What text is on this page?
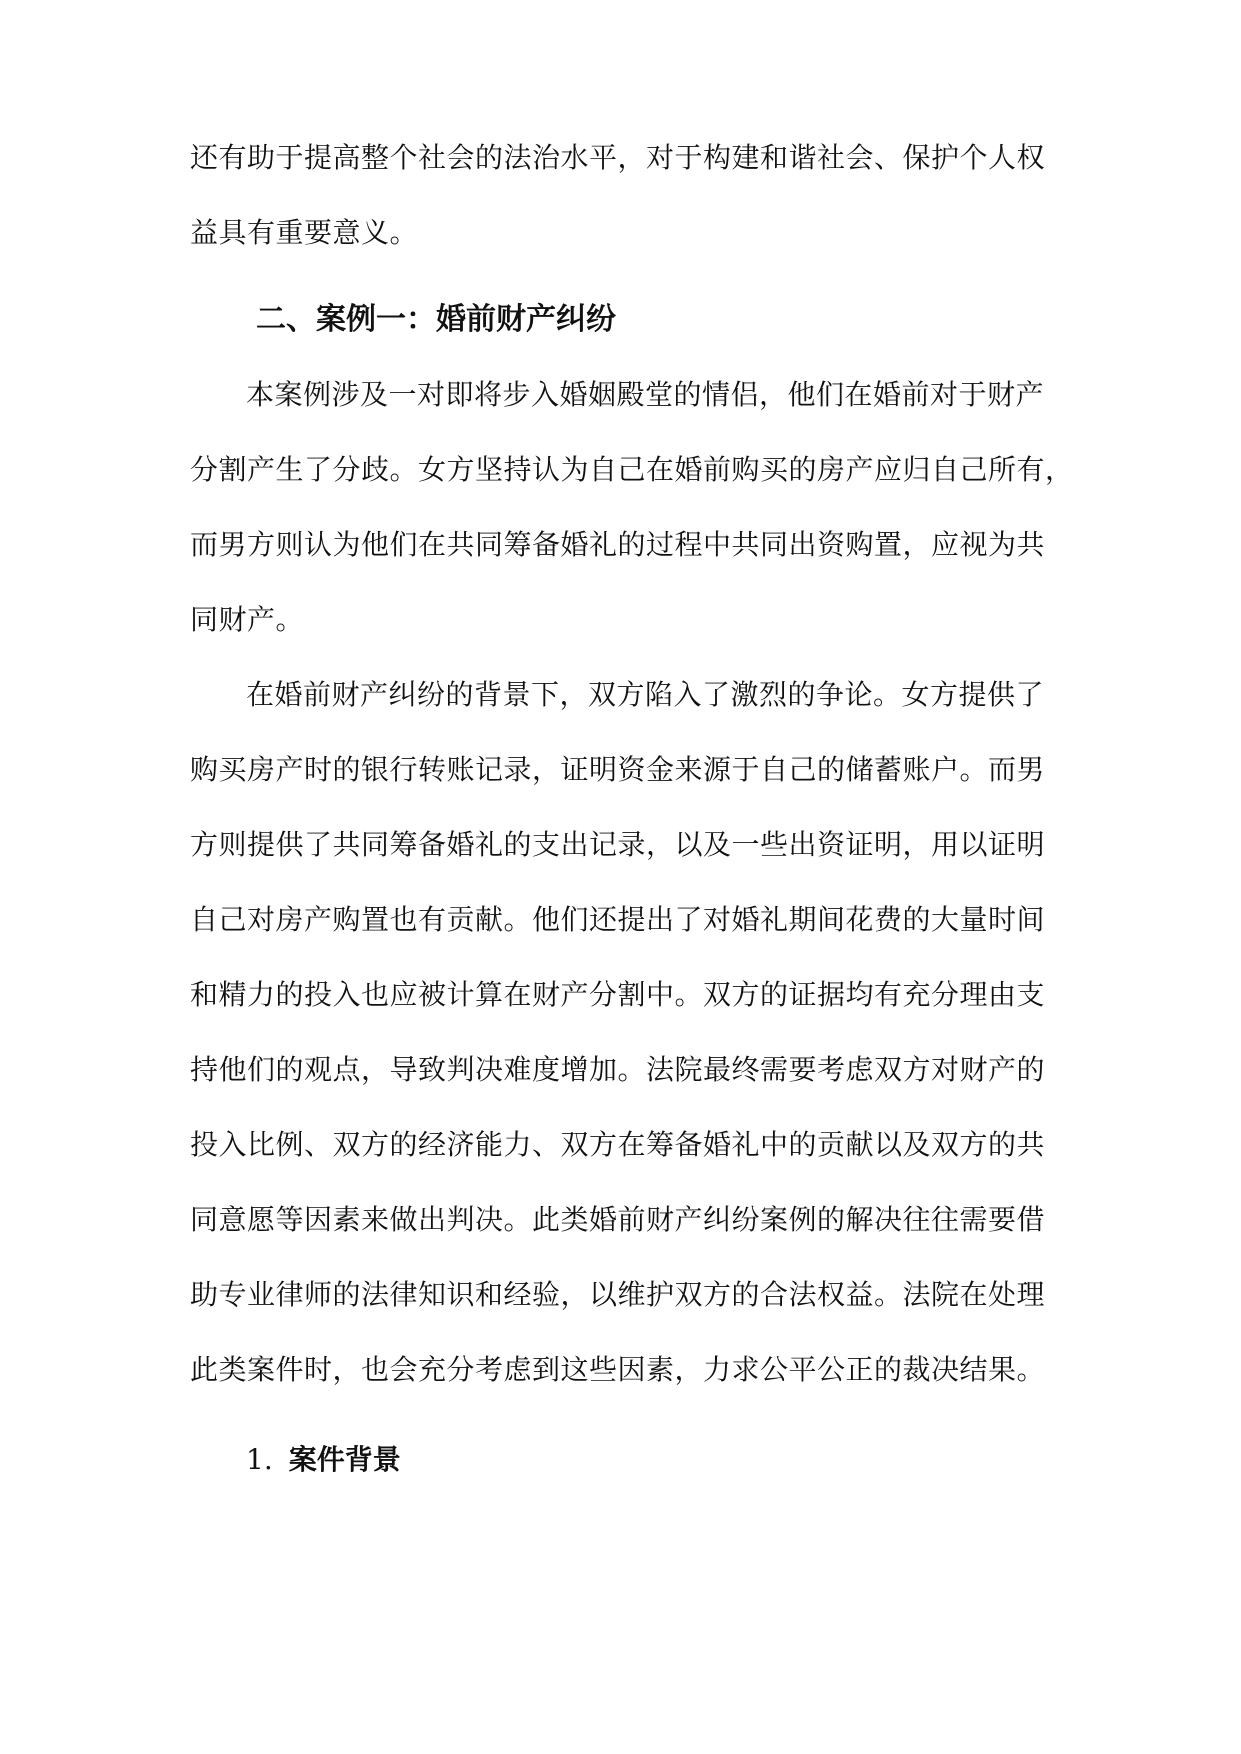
还有助于提高整个社会的法治水平，对于构建和谐社会、保护个人权
益具有重要意义。
二、案例一：婚前财产纠纷
本案例涉及一对即将步入婚姻殿堂的情侣，他们在婚前对于财产
分割产生了分歧。女方坚持认为自己在婚前购买的房产应归自己所有，
而男方则认为他们在共同筹备婚礼的过程中共同出资购置，应视为共
同财产。
在婚前财产纠纷的背景下，双方陷入了激烈的争论。女方提供了
购买房产时的银行转账记录，证明资金来源于自己的储蓄账户。而男
方则提供了共同筹备婚礼的支出记录，以及一些出资证明，用以证明
自己对房产购置也有贡献。他们还提出了对婚礼期间花费的大量时间
和精力的投入也应被计算在财产分割中。双方的证据均有充分理由支
持他们的观点，导致判决难度增加。法院最终需要考虑双方对财产的
投入比例、双方的经济能力、双方在筹备婚礼中的贡献以及双方的共
同意愿等因素来做出判决。此类婚前财产纠纷案例的解决往往需要借
助专业律师的法律知识和经验，以维护双方的合法权益。法院在处理
此类案件时，也会充分考虑到这些因素，力求公平公正的裁决结果。
1. 案件背景
